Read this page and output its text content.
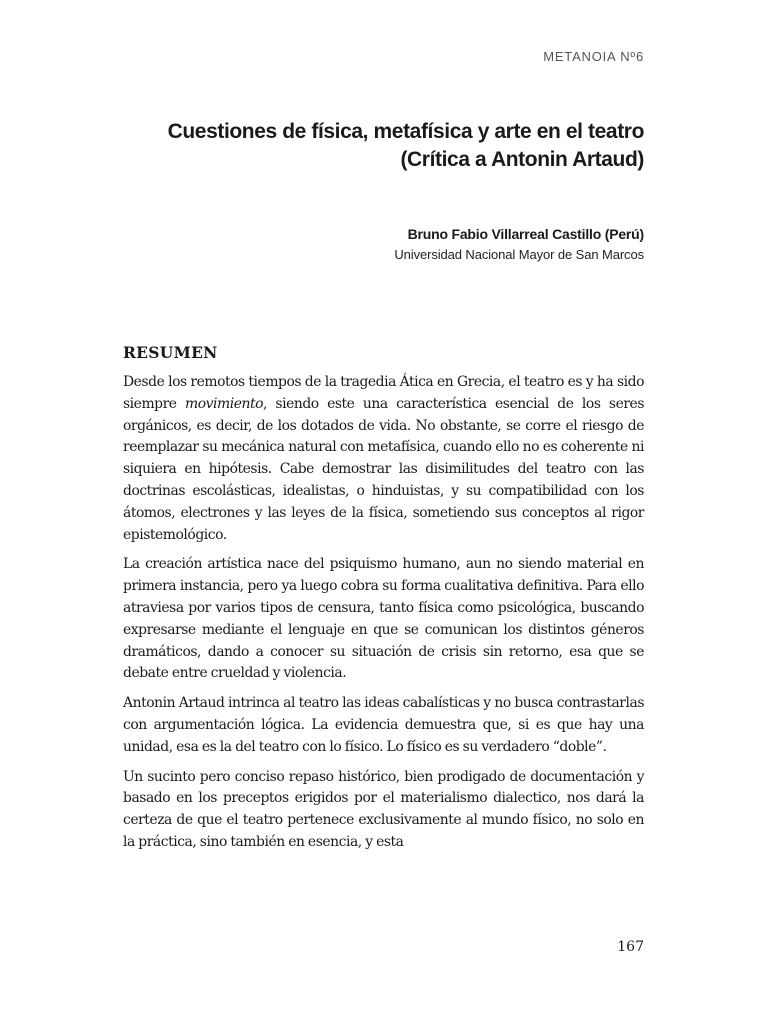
METANOIA Nº6

Cuestiones de física, metafísica y arte en el teatro
(Crítica a Antonin Artaud)

Bruno Fabio Villarreal Castillo (Perú)

Universidad Nacional Mayor de San Marcos

RESUMEN

Desde los remotos tiempos de la tragedia Ática en Grecia, el teatro es y ha sido siempre movimiento, siendo este una característica esencial de los seres orgánicos, es decir, de los dotados de vida. No obstante, se corre el riesgo de reemplazar su mecánica natural con metafísica, cuando ello no es coherente ni siquiera en hipótesis. Cabe demostrar las disimilitudes del teatro con las doctrinas escolásticas, idealistas, o hinduistas, y su compatibilidad con los átomos, electrones y las leyes de la física, sometiendo sus conceptos al rigor epistemológico.

La creación artística nace del psiquismo humano, aun no siendo material en primera instancia, pero ya luego cobra su forma cualitativa definitiva. Para ello atraviesa por varios tipos de censura, tanto física como psicológica, buscando expresarse mediante el lenguaje en que se comunican los distintos géneros dramáticos, dando a conocer su situación de crisis sin retorno, esa que se debate entre crueldad y violencia.

Antonin Artaud intrinca al teatro las ideas cabalísticas y no busca contrastarlas con argumentación lógica. La evidencia demuestra que, si es que hay una unidad, esa es la del teatro con lo físico. Lo físico es su verdadero “doble”.

Un sucinto pero conciso repaso histórico, bien prodigado de documentación y basado en los preceptos erigidos por el materialismo dialectico, nos dará la certeza de que el teatro pertenece exclusivamente al mundo físico, no solo en la práctica, sino también en esencia, y esta

167
